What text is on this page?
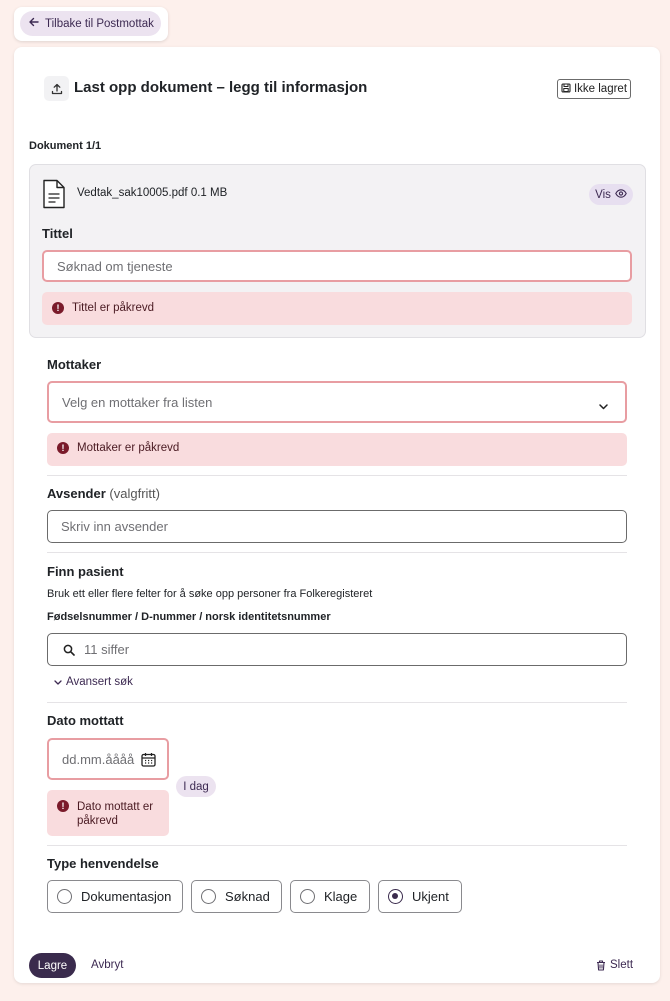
Tilbake til Postmottak
Last opp dokument – legg til informasjon	Ikke lagret
Dokument 1/1
Vedtak_sak10005.pdf 0.1 MB	Vis
Tittel
Søknad om tjeneste
!	Tittel er påkrevd
Mottaker
Velg en mottaker fra listen
!	Mottaker er påkrevd
Avsender (valgfritt)
Skriv inn avsender
Finn pasient
Bruk ett eller flere felter for å søke opp personer fra Folkeregisteret
Fødselsnummer / D-nummer / norsk identitetsnummer
11 siffer
Avansert søk
Dato mottatt
dd.mm.åååå
I dag
!	Dato mottatt er påkrevd
Type henvendelse
Dokumentasjon	Søknad	Klage	Ukjent
Lagre	Avbryt	Slett
